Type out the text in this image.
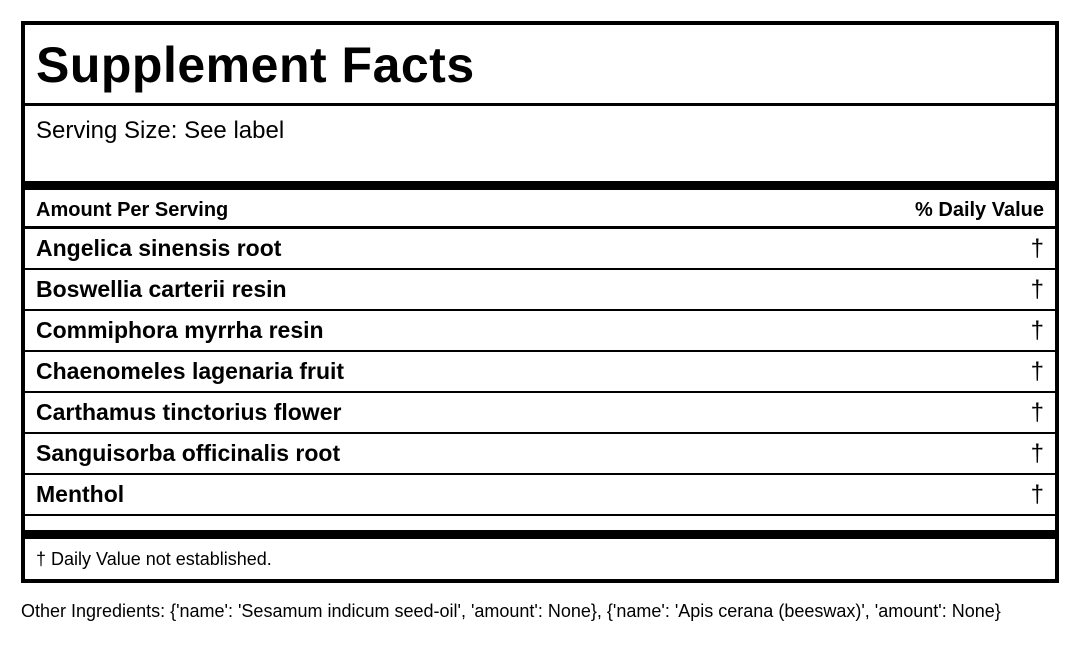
Supplement Facts
Serving Size: See label
Amount Per Serving	% Daily Value
Angelica sinensis root	†
Boswellia carterii resin	†
Commiphora myrrha resin	†
Chaenomeles lagenaria fruit	†
Carthamus tinctorius flower	†
Sanguisorba officinalis root	†
Menthol	†
† Daily Value not established.
Other Ingredients: {'name': 'Sesamum indicum seed-oil', 'amount': None}, {'name': 'Apis cerana (beeswax)', 'amount': None}
